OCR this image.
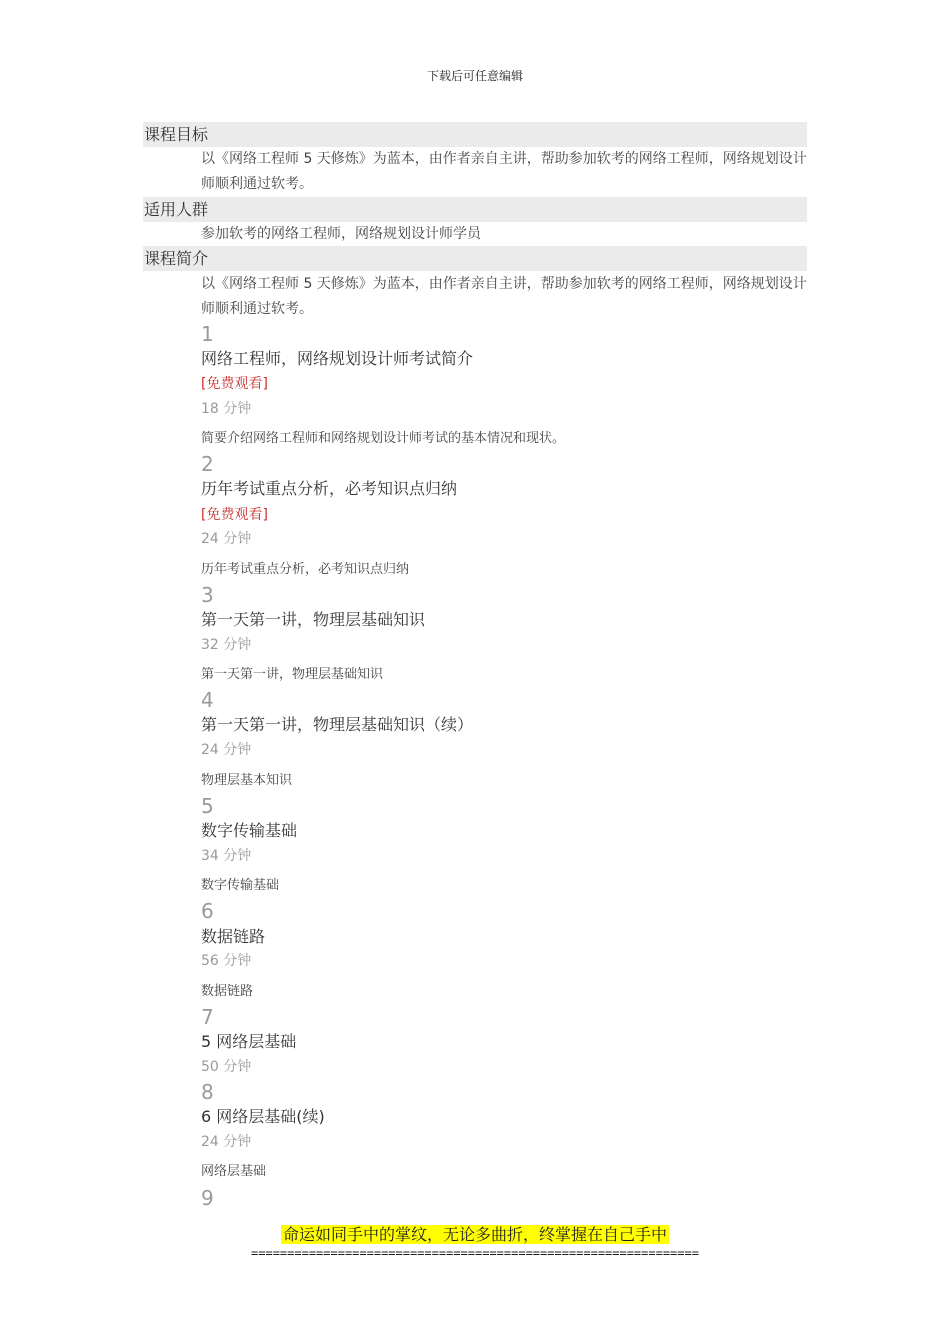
下载后可任意编辑
课程目标
以《网络工程师 5 天修炼》为蓝本，由作者亲自主讲，帮助参加软考的网络工程师，网络规划设计师顺利通过软考。
适用人群
参加软考的网络工程师，网络规划设计师学员
课程简介
以《网络工程师 5 天修炼》为蓝本，由作者亲自主讲，帮助参加软考的网络工程师，网络规划设计师顺利通过软考。
1
网络工程师，网络规划设计师考试简介
[免费观看]
18 分钟
简要介绍网络工程师和网络规划设计师考试的基本情况和现状。
2
历年考试重点分析，必考知识点归纳
[免费观看]
24 分钟
历年考试重点分析，必考知识点归纳
3
第一天第一讲，物理层基础知识
32 分钟
第一天第一讲，物理层基础知识
4
第一天第一讲，物理层基础知识（续）
24 分钟
物理层基本知识
5
数字传输基础
34 分钟
数字传输基础
6
数据链路
56 分钟
数据链路
7
5 网络层基础
50 分钟
8
6 网络层基础(续)
24 分钟
网络层基础
9
命运如同手中的掌纹，无论多曲折，终掌握在自己手中
==============================================================
